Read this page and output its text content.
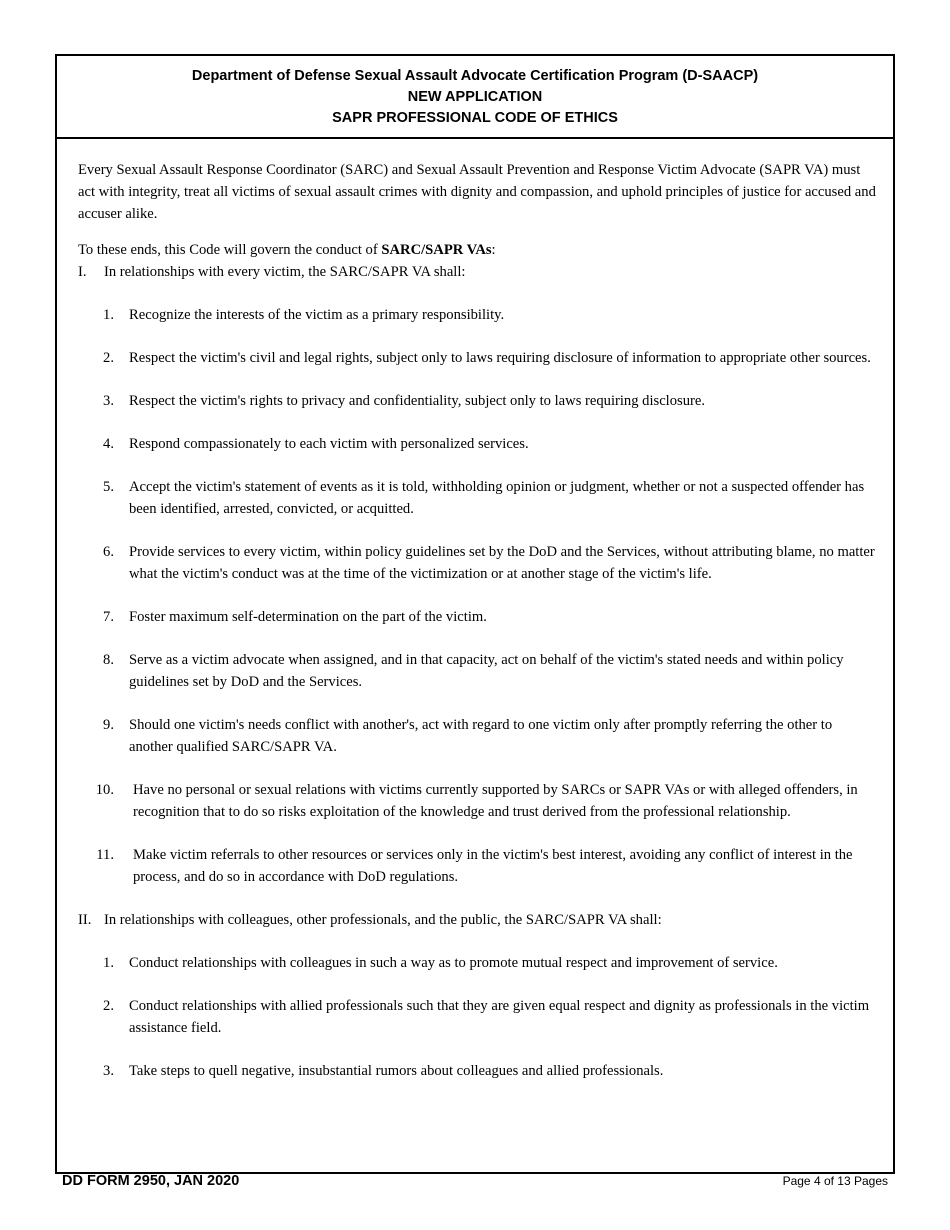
Department of Defense Sexual Assault Advocate Certification Program (D-SAACP)
NEW APPLICATION
SAPR PROFESSIONAL CODE OF ETHICS

Every Sexual Assault Response Coordinator (SARC) and Sexual Assault Prevention and Response Victim Advocate (SAPR VA) must act with integrity, treat all victims of sexual assault crimes with dignity and compassion, and uphold principles of justice for accused and accuser alike.

To these ends, this Code will govern the conduct of SARC/SAPR VAs:

I. In relationships with every victim, the SARC/SAPR VA shall:
1. Recognize the interests of the victim as a primary responsibility.
2. Respect the victim's civil and legal rights, subject only to laws requiring disclosure of information to appropriate other sources.
3. Respect the victim's rights to privacy and confidentiality, subject only to laws requiring disclosure.
4. Respond compassionately to each victim with personalized services.
5. Accept the victim's statement of events as it is told, withholding opinion or judgment, whether or not a suspected offender has been identified, arrested, convicted, or acquitted.
6. Provide services to every victim, within policy guidelines set by the DoD and the Services, without attributing blame, no matter what the victim's conduct was at the time of the victimization or at another stage of the victim's life.
7. Foster maximum self-determination on the part of the victim.
8. Serve as a victim advocate when assigned, and in that capacity, act on behalf of the victim's stated needs and within policy guidelines set by DoD and the Services.
9. Should one victim's needs conflict with another's, act with regard to one victim only after promptly referring the other to another qualified SARC/SAPR VA.
10. Have no personal or sexual relations with victims currently supported by SARCs or SAPR VAs or with alleged offenders, in recognition that to do so risks exploitation of the knowledge and trust derived from the professional relationship.
11. Make victim referrals to other resources or services only in the victim's best interest, avoiding any conflict of interest in the process, and do so in accordance with DoD regulations.
II. In relationships with colleagues, other professionals, and the public, the SARC/SAPR VA shall:
1. Conduct relationships with colleagues in such a way as to promote mutual respect and improvement of service.
2. Conduct relationships with allied professionals such that they are given equal respect and dignity as professionals in the victim assistance field.
3. Take steps to quell negative, insubstantial rumors about colleagues and allied professionals.
DD FORM 2950, JAN 2020	Page 4 of 13 Pages
